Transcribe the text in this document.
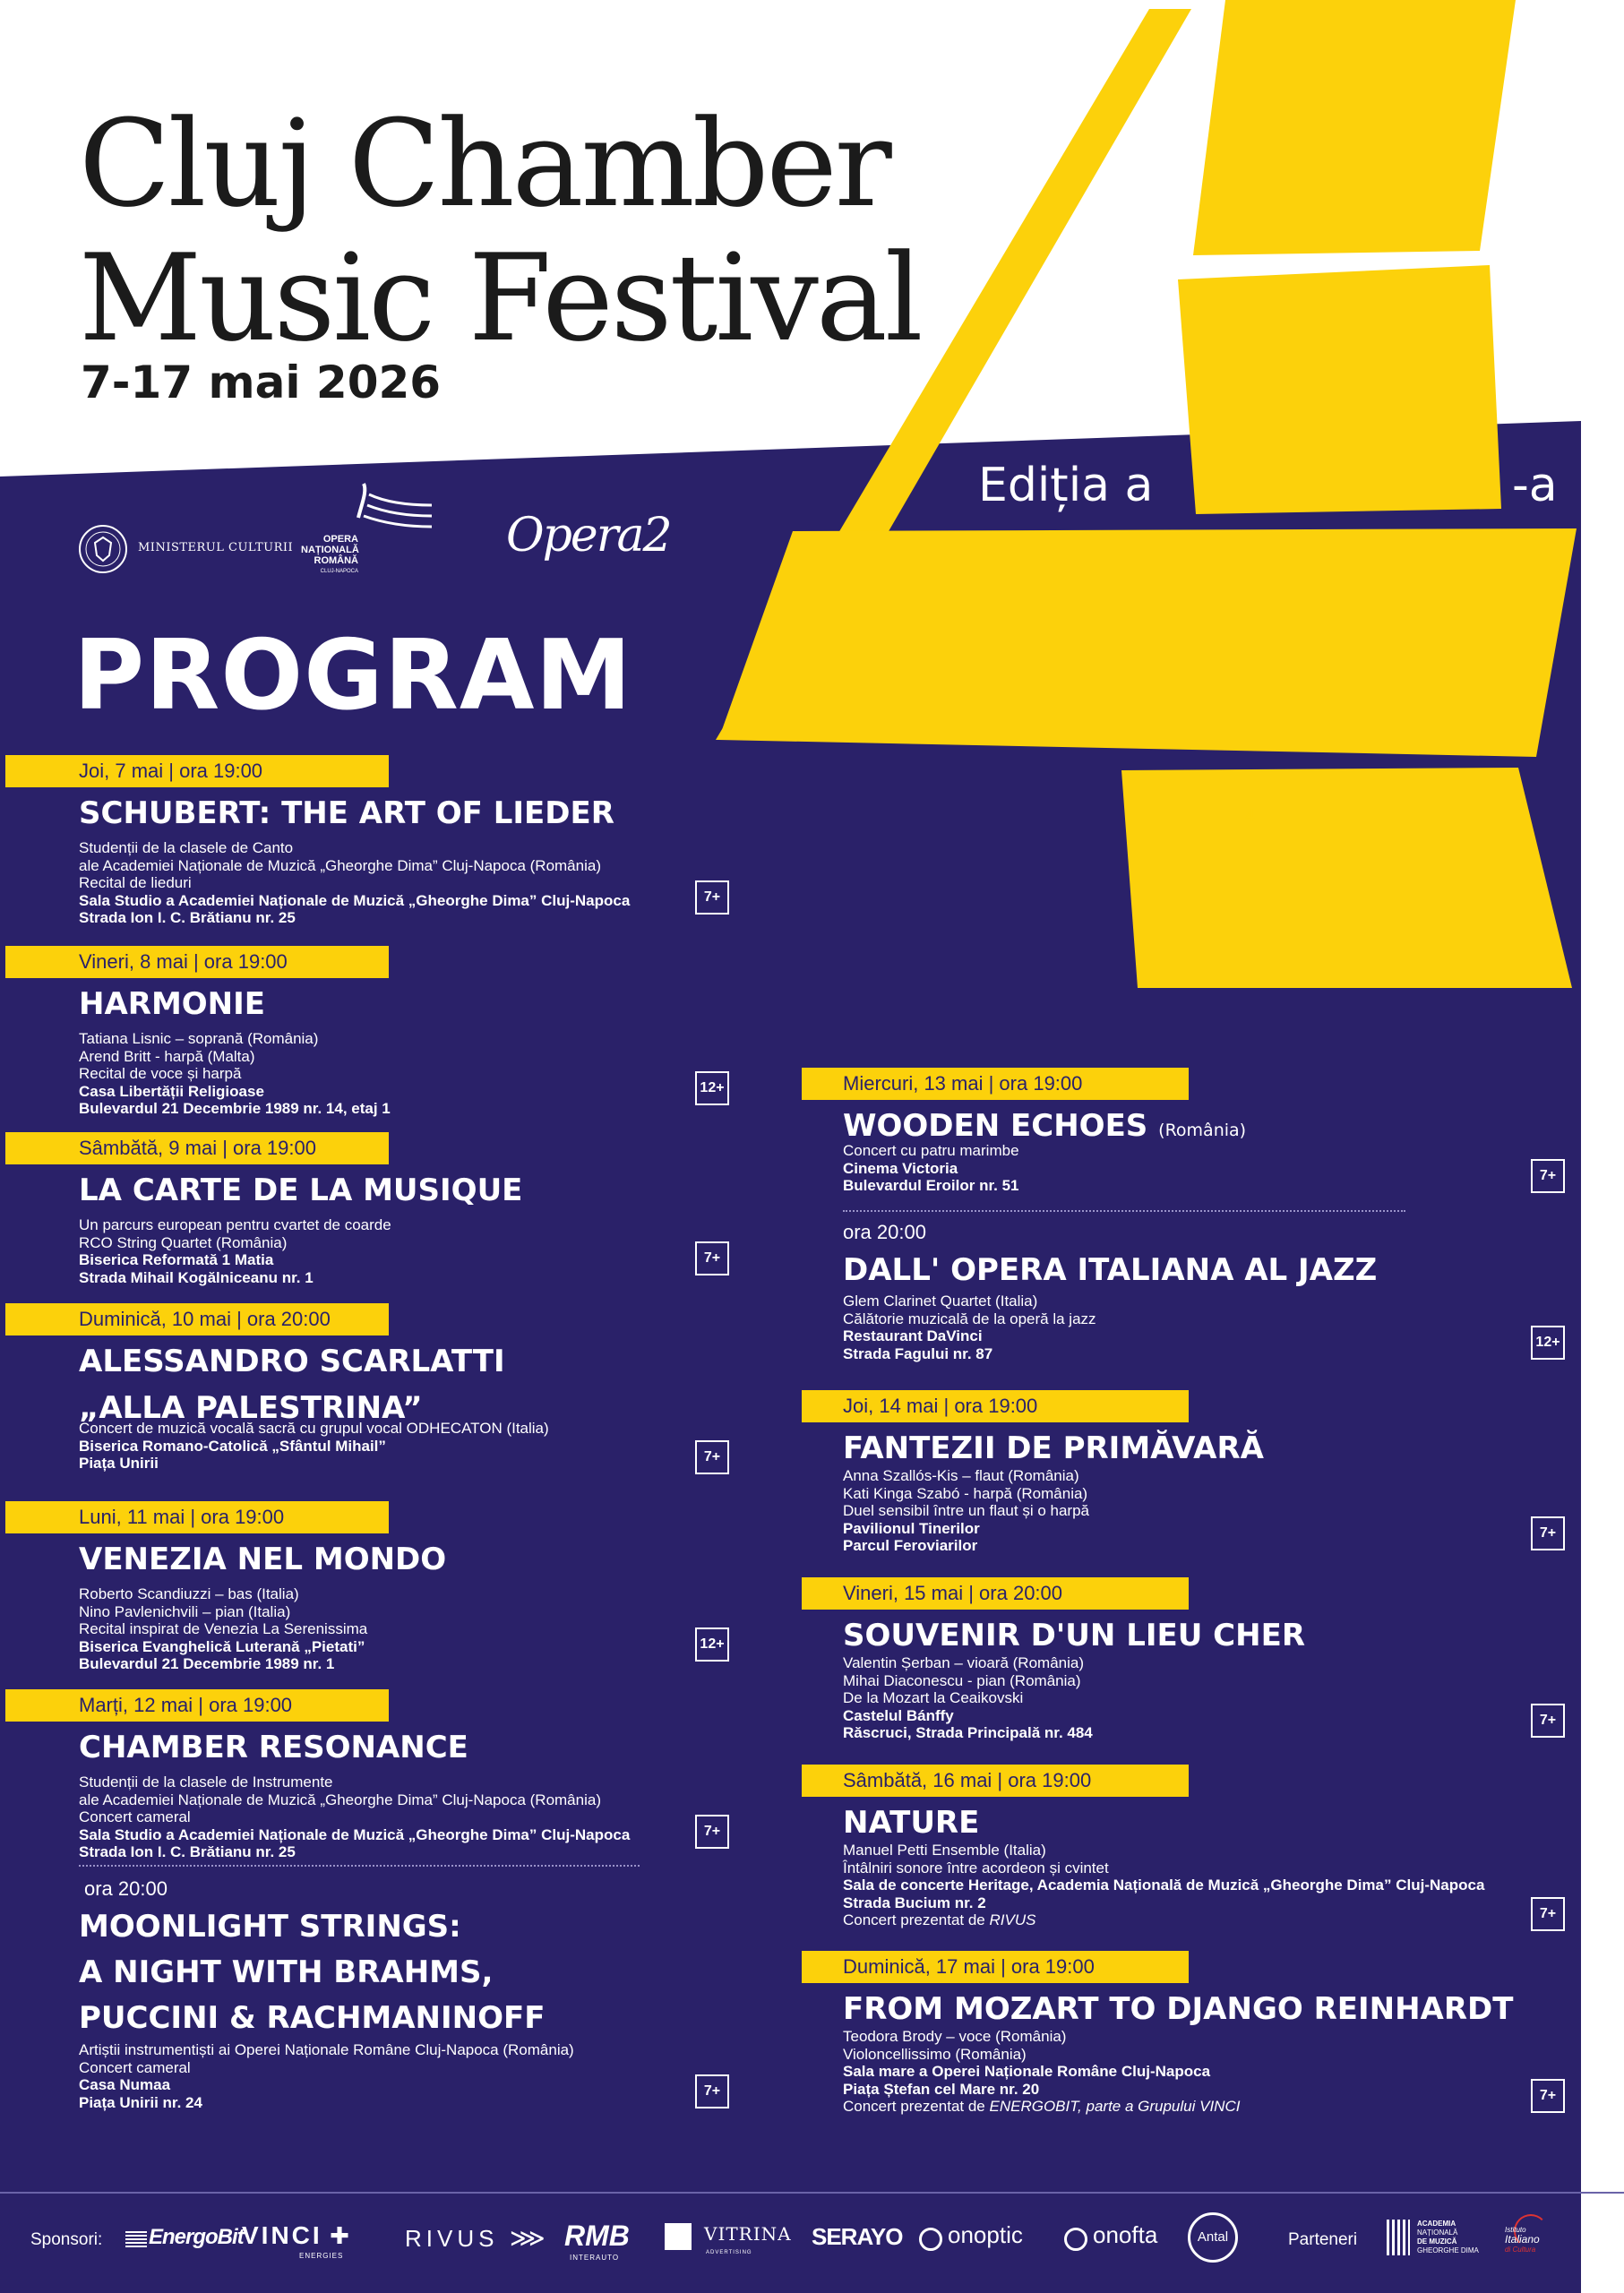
Cluj Chamber
Music Festival
7-17 mai 2026
Ediția a	-a
4
MINISTERUL CULTURII
OPERA
NAȚIONALĂ
ROMÂNĂ
CLUJ-NAPOCA
Opera2
PROGRAM
Joi, 7 mai | ora 19:00
SCHUBERT: THE ART OF LIEDER
Studenții de la clasele de Canto
ale Academiei Naționale de Muzică „Gheorghe Dima” Cluj-Napoca (România)
Recital de lieduri
Sala Studio a Academiei Naționale de Muzică „Gheorghe Dima” Cluj-Napoca
Strada Ion I. C. Brătianu nr. 25
7+
Vineri, 8 mai | ora 19:00
HARMONIE
Tatiana Lisnic – soprană (România)
Arend Britt - harpă (Malta)
Recital de voce și harpă
Casa Libertății Religioase
Bulevardul 21 Decembrie 1989 nr. 14, etaj 1
12+
Sâmbătă, 9 mai | ora 19:00
LA CARTE DE LA MUSIQUE
Un parcurs european pentru cvartet de coarde
RCO String Quartet (România)
Biserica Reformată 1 Matia
Strada Mihail Kogălniceanu nr. 1
7+
Duminică, 10 mai | ora 20:00
ALESSANDRO SCARLATTI
„ALLA PALESTRINA”
Concert de muzică vocală sacră cu grupul vocal ODHECATON (Italia)
Biserica Romano-Catolică „Sfântul Mihail”
Piața Unirii	7+
Luni, 11 mai | ora 19:00
VENEZIA NEL MONDO
Roberto Scandiuzzi – bas (Italia)
Nino Pavlenichvili – pian (Italia)
Recital inspirat de Venezia La Serenissima
Biserica Evanghelică Luterană „Pietati”
Bulevardul 21 Decembrie 1989 nr. 1
12+
Marți, 12 mai | ora 19:00
CHAMBER RESONANCE
Studenții de la clasele de Instrumente
ale Academiei Naționale de Muzică „Gheorghe Dima” Cluj-Napoca (România)
Concert cameral
Sala Studio a Academiei Naționale de Muzică „Gheorghe Dima” Cluj-Napoca
Strada Ion I. C. Brătianu nr. 25
7+
ora 20:00
MOONLIGHT STRINGS:
A NIGHT WITH BRAHMS,
PUCCINI & RACHMANINOFF
Artiștii instrumentiști ai Operei Naționale Române Cluj-Napoca (România)
Concert cameral
Casa Numaa
Piața Unirii nr. 24
7+
Miercuri, 13 mai | ora 19:00
WOODEN ECHOES (România)
Concert cu patru marimbe
Cinema Victoria
Bulevardul Eroilor nr. 51
7+
ora 20:00
DALL' OPERA ITALIANA AL JAZZ
Glem Clarinet Quartet (Italia)
Călătorie muzicală de la operă la jazz
Restaurant DaVinci
Strada Fagului nr. 87
12+
Joi, 14 mai | ora 19:00
FANTEZII DE PRIMĂVARĂ
Anna Szallós-Kis – flaut (România)
Kati Kinga Szabó - harpă (România)
Duel sensibil între un flaut și o harpă
Pavilionul Tinerilor
Parcul Feroviarilor
7+
Vineri, 15 mai | ora 20:00
SOUVENIR D'UN LIEU CHER
Valentin Șerban – vioară (România)
Mihai Diaconescu - pian (România)
De la Mozart la Ceaikovski
Castelul Bánffy
Răscruci, Strada Principală nr. 484
7+
Sâmbătă, 16 mai | ora 19:00
NATURE
Manuel Petti Ensemble (Italia)
Întâlniri sonore între acordeon și cvintet
Sala de concerte Heritage, Academia Națională de Muzică „Gheorghe Dima” Cluj-Napoca
Strada Bucium nr. 2
Concert prezentat de RIVUS	7+
Duminică, 17 mai | ora 19:00
FROM MOZART TO DJANGO REINHARDT
Teodora Brody – voce (România)
Violoncellissimo (România)
Sala mare a Operei Naționale Române Cluj-Napoca
Piața Ștefan cel Mare nr. 20
Concert prezentat de ENERGOBIT, parte a Grupului VINCI
7+
Sponsori:	EnergoBit
VINCI ✚
ENERGIES
RIVUS ⋙ RMB
INTERAUTO
VITRINA
ADVERTISING
SERAYO	onoptic	onofta	Antal	Parteneri
ACADEMIA
NAȚIONALĂ
DE MUZICĂ
GHEORGHE DIMA
Istituto
Italiano
di Cultura
